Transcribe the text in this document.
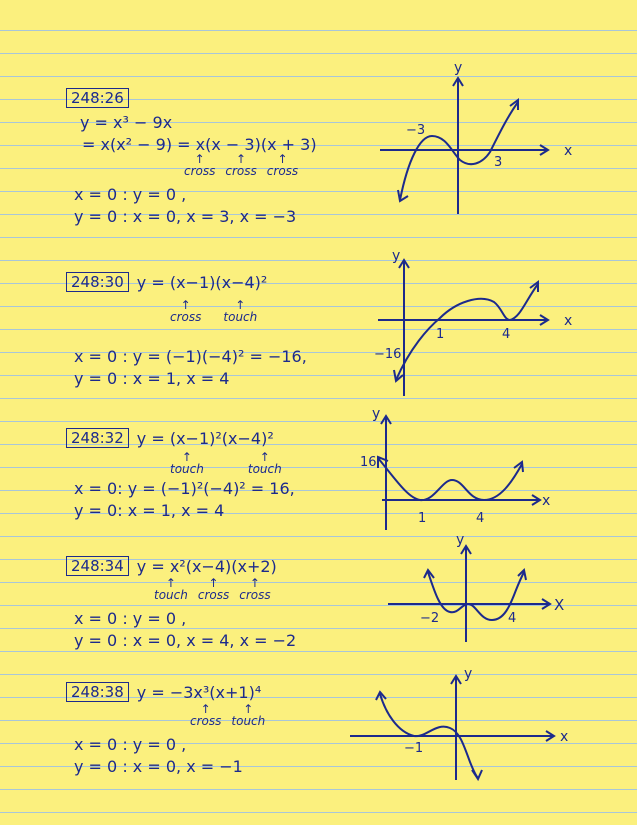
248:26
y = x³ − 9x
= x(x² − 9) = x(x − 3)(x + 3)
↑
cross
↑
cross
↑
cross
x = 0 : y = 0 ,
y = 0 : x = 0, x = 3, x = −3
248:30 y = (x−1)(x−4)²
↑
cross
↑
touch
x = 0 : y = (−1)(−4)² = −16,
y = 0 : x = 1, x = 4
248:32 y = (x−1)²(x−4)²
↑
touch
↑
touch
x = 0: y = (−1)²(−4)² = 16,
y = 0: x = 1, x = 4
248:34 y = x²(x−4)(x+2)
↑
touch
↑
cross
↑
cross
x = 0 : y = 0 ,
y = 0 : x = 0, x = 4, x = −2
248:38 y = −3x³(x+1)⁴
↑
cross
↑
touch
x = 0 : y = 0 ,
y = 0 : x = 0, x = −1
y
x
−3
3
y
x
1	4
−16
y
x
16
1	4
y
X
−2	4
y
x
−1
